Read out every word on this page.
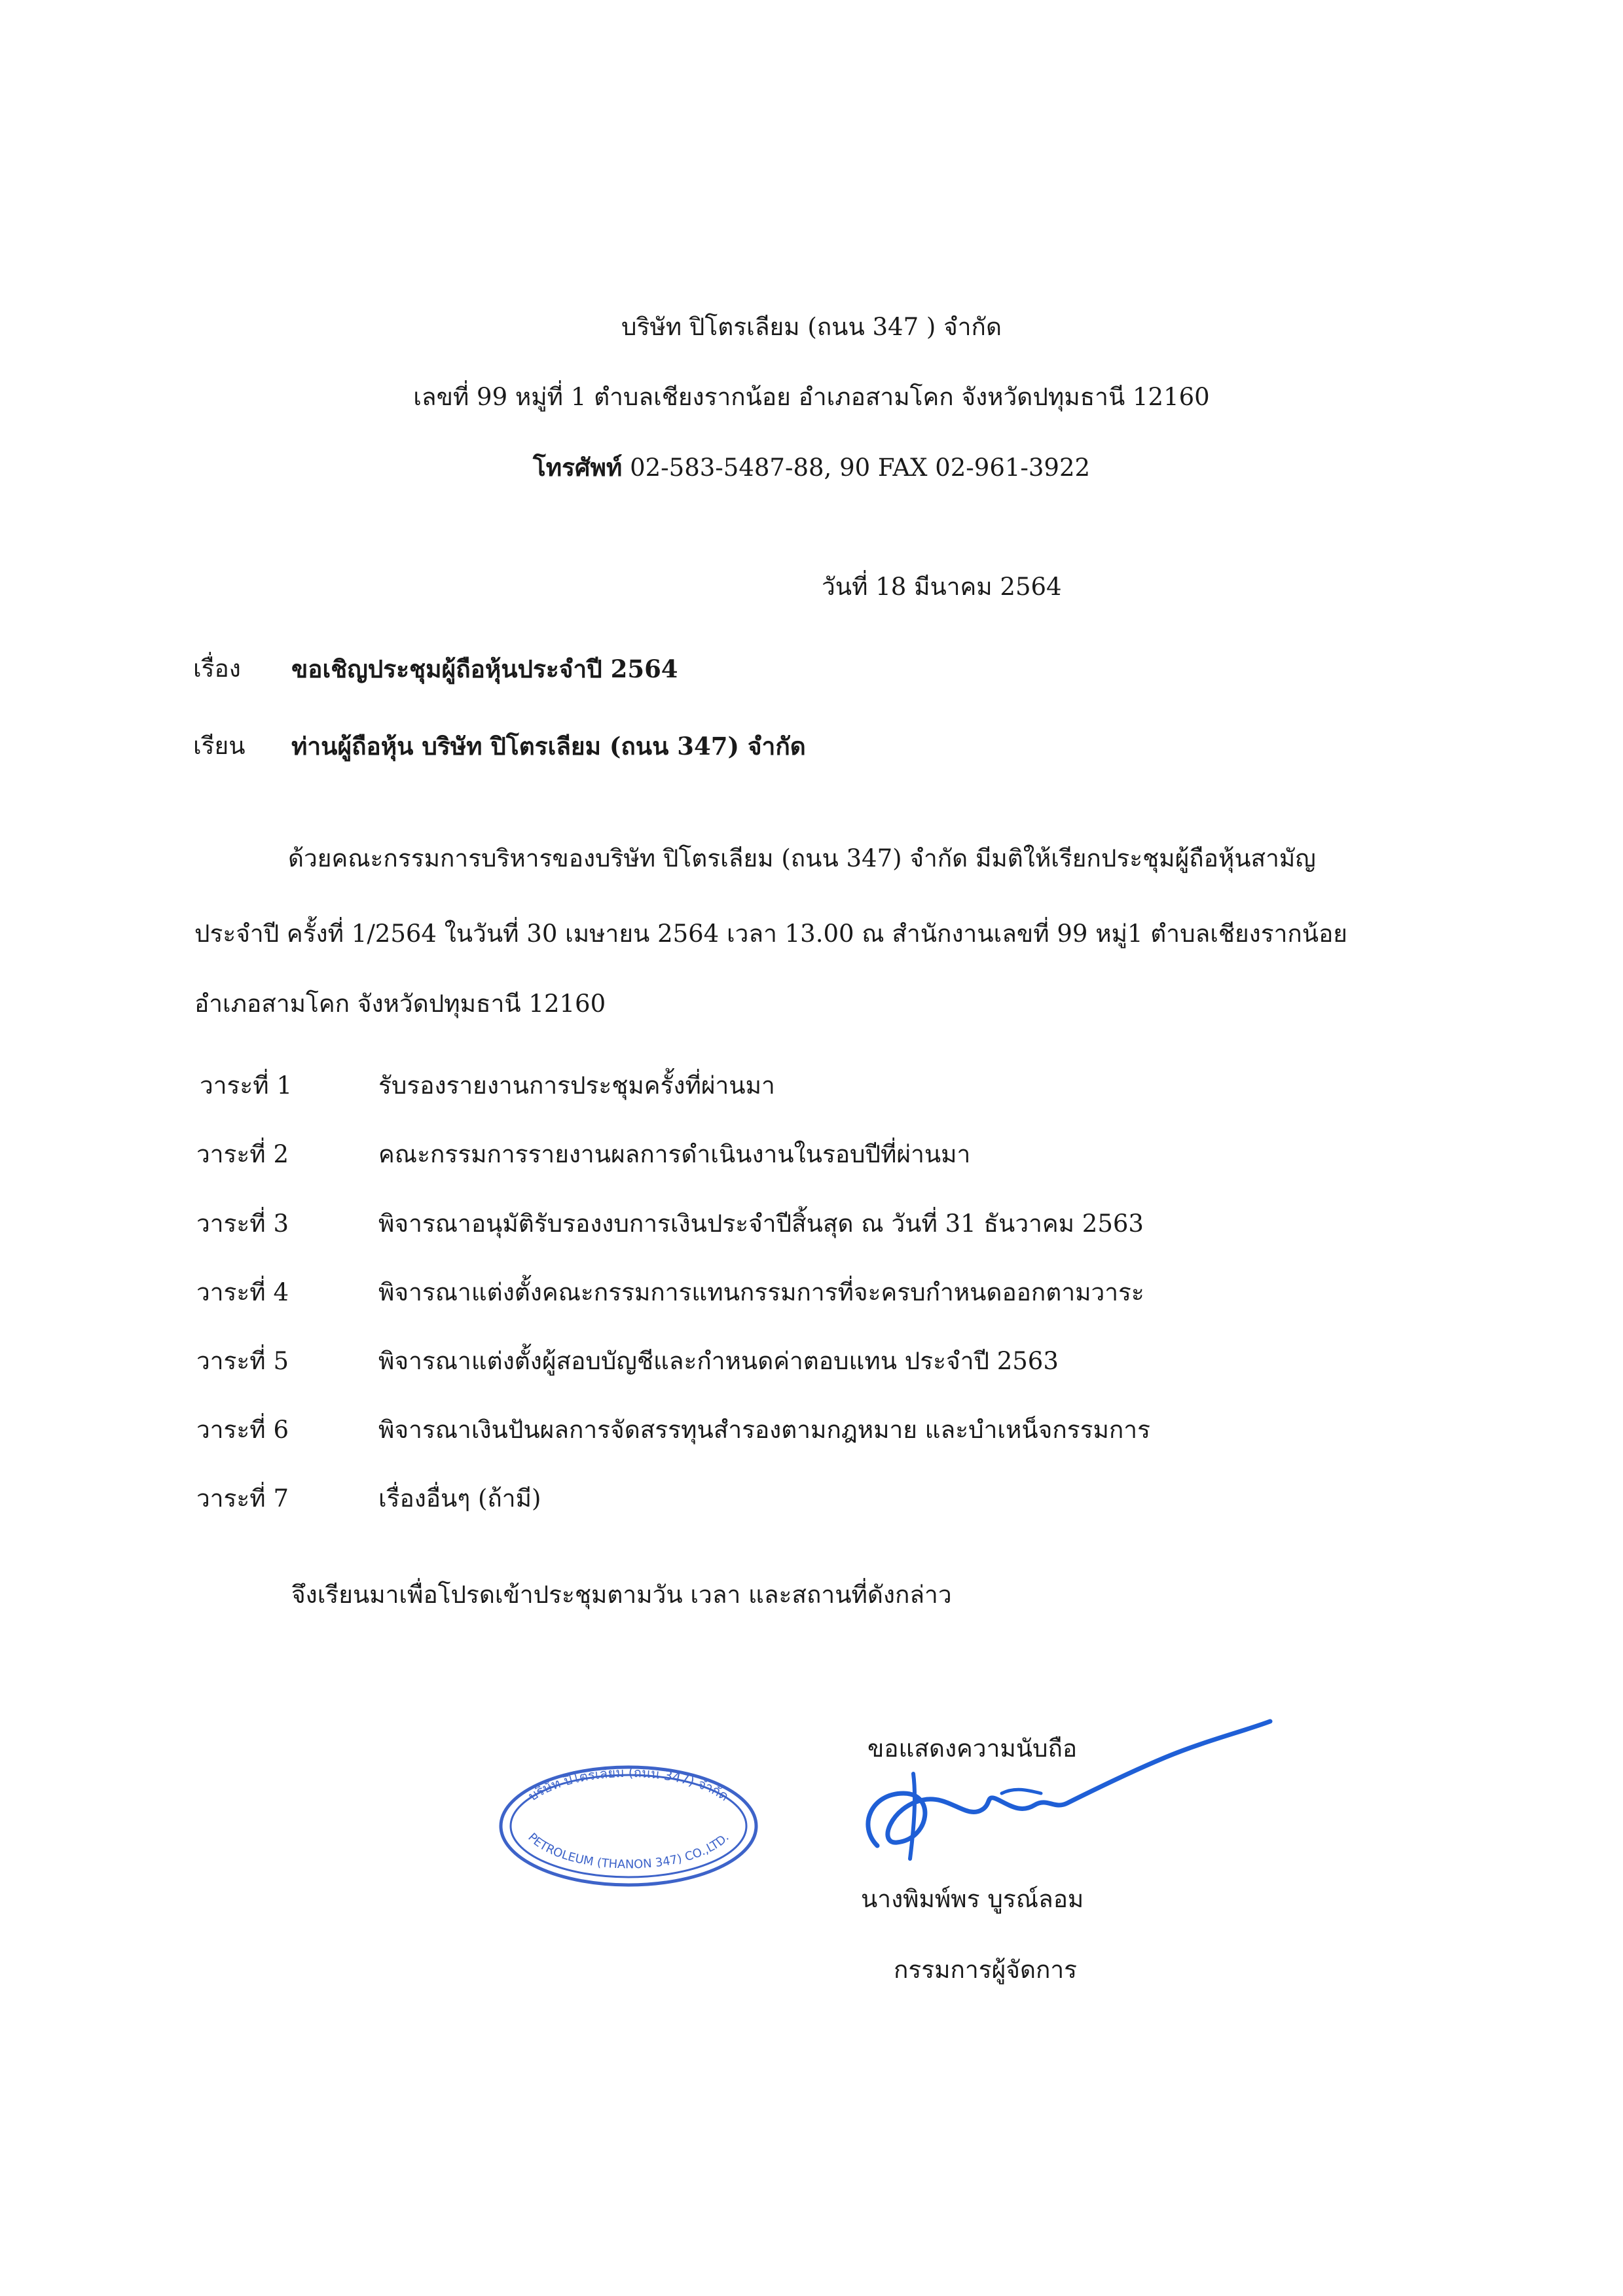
บริษัท ปิโตรเลียม (ถนน 347 ) จำกัด
เลขที่ 99 หมู่ที่ 1 ตำบลเชียงรากน้อย อำเภอสามโคก จังหวัดปทุมธานี 12160
โทรศัพท์ 02-583-5487-88, 90 FAX 02-961-3922
วันที่ 18 มีนาคม 2564
เรื่อง ขอเชิญประชุมผู้ถือหุ้นประจำปี 2564
เรียน ท่านผู้ถือหุ้น บริษัท ปิโตรเลียม (ถนน 347) จำกัด
ด้วยคณะกรรมการบริหารของบริษัท ปิโตรเลียม (ถนน 347) จำกัด มีมติให้เรียกประชุมผู้ถือหุ้นสามัญ
ประจำปี ครั้งที่ 1/2564 ในวันที่ 30 เมษายน 2564 เวลา 13.00 ณ สำนักงานเลขที่ 99 หมู่1 ตำบลเชียงรากน้อย
อำเภอสามโคก จังหวัดปทุมธานี 12160
วาระที่ 1	รับรองรายงานการประชุมครั้งที่ผ่านมา
วาระที่ 2	คณะกรรมการรายงานผลการดำเนินงานในรอบปีที่ผ่านมา
วาระที่ 3	พิจารณาอนุมัติรับรองงบการเงินประจำปีสิ้นสุด ณ วันที่ 31 ธันวาคม 2563
วาระที่ 4	พิจารณาแต่งตั้งคณะกรรมการแทนกรรมการที่จะครบกำหนดออกตามวาระ
วาระที่ 5	พิจารณาแต่งตั้งผู้สอบบัญชีและกำหนดค่าตอบแทน ประจำปี 2563
วาระที่ 6	พิจารณาเงินปันผลการจัดสรรทุนสำรองตามกฎหมาย และบำเหน็จกรรมการ
วาระที่ 7	เรื่องอื่นๆ (ถ้ามี)
จึงเรียนมาเพื่อโปรดเข้าประชุมตามวัน เวลา และสถานที่ดังกล่าว
ขอแสดงความนับถือ
บริษัท ปิโตรเลียม (ถนน 347) จำกัด
PETROLEUM (THANON 347) CO.,LTD.
นางพิมพ์พร บูรณ์ลอม
กรรมการผู้จัดการ
